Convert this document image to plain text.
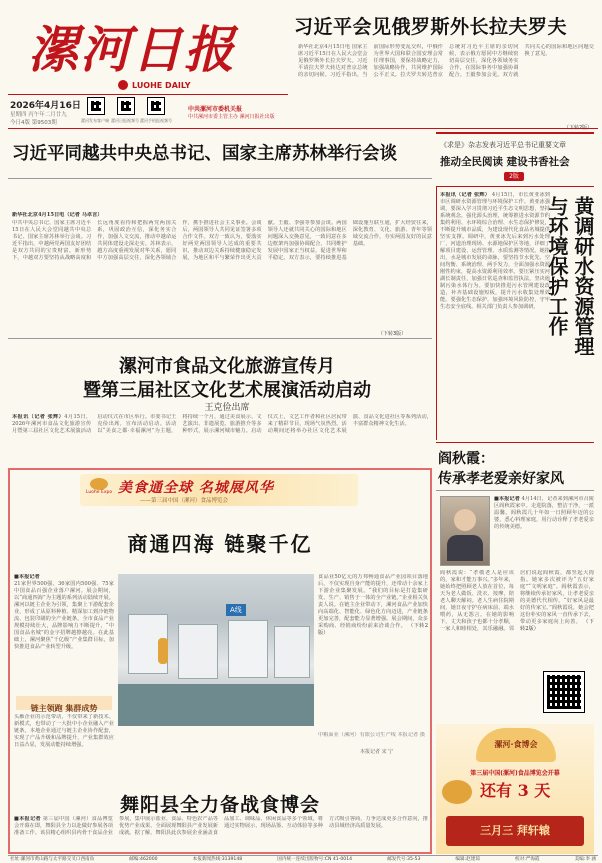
漯河日报
LUOHE DAILY
2026年4月16日
星期四 丙午年二月廿九
今日4版 第9503期	漯河发布客户端 漯河日报视频号 漯河手机报视频号
中共漯河市委机关报
中共漯河市委主管主办 漯河日报社出版
习近平会见俄罗斯外长拉夫罗夫
新华社北京4月15日电 国家主席习近平15日在人民大会堂会见俄罗斯外长拉夫罗夫。习近平请拉夫罗夫转达对普京总统的亲切问候。习近平指出，当前国际形势变乱交织，中俄作为世界大国和联合国安理会常任理事国，要保持战略定力，加强战略协作，共同维护国际公平正义。拉夫罗夫转达普京总统对习近平主席的亲切问候，表示俄方愿同中方继续密切高层交往，深化各领域务实合作，在国际事务中加强协调配合。王毅参加会见。双方就共同关心的国际和地区问题交换了意见。
习近平同越共中央总书记、国家主席苏林举行会谈	《求是》杂志发表习近平总书记重要文章
推动全民阅读 建设书香社会
2版
新华社北京4月15日电（记者 马卓言）
中共中央总书记、国家主席习近平15日在人民大会堂同越共中央总书记、国家主席苏林举行会谈。习近平指出，中越两党两国友好团结是双方共同的宝贵财富。新形势下，中越双方要坚持从战略高度和长远角度看待和把握两党两国关系，巩固政治互信，深化务实合作，加强人文交流，推动中越命运共同体建设走深走实。苏林表示，越方高度重视发展对华关系，愿同中方加强高层交往，深化各领域合作，携手推进社会主义事业。会谈后，两国领导人共同见证签署多项合作文件。双方一致认为，要落实好两党两国领导人达成的重要共识，推动双边关系持续健康稳定发展，为地区和平与繁荣作出更大贡献。王毅、李强等参加会谈。两国领导人还就共同关心的国际和地区问题深入交换意见，一致同意在多边框架内加强协调配合，共同维护发展中国家正当权益，促进世界和平稳定。双方表示，要持续推进基础设施互联互通，扩大经贸往来，深化教育、文化、旅游、青年等领域交流合作，夯实两国友好的民意基础。
（下转3版）
本报讯（记者 张辉） 4月15日，市长黄亚冰到市区调研水资源管理与环境保护工作。黄亚冰强调，要深入学习贯彻习近平生态文明思想，坚持系统观念，强化源头治理，统筹推进水资源节约集约利用、水环境综合治理、水生态保护修复，不断提升城市品质，为建设现代化食品名城提供坚实支撑。调研中，黄亚冰先后来到污水处理厂、河道治理现场、水源地保护区等地，详细了解项目建设、运营管理、水质监测等情况。她指出，水是城市发展的命脉，要坚持节水优先、空间均衡、系统治理、两手发力，全面加强水资源刚性约束，提高水资源利用效率。要压紧压实河湖长制责任，加强日常巡查和监管执法，坚决遏制污染水体行为。要加快推进污水管网建设改造，补齐基础设施短板，提升污水收集处理效能。要强化生态保护，加强环境风险防控，守牢生态安全底线。相关部门负责人参加调研。	黄调研水资源管理
与环境保护工作
漯河市食品文化旅游宣传月
暨第三届社区文化艺术展演活动启动
王克俭出席
本报讯（记者 张辉）4月15日，2026年漯河市食品文化旅游宣传月暨第三届社区文化艺术展演活动启动仪式在市区举行。市委书记王克俭出席，宣布活动启动。活动以“美食之都·幸福漯河”为主题，将持续一个月，通过美食展示、文艺演出、非遗展览、旅游推介等多种形式，展示漯河城市魅力。启动仪式上，文艺工作者和社区居民带来了精彩节目，现场气氛热烈。活动期间还将举办社区文化艺术展演、食品文化进社区等系列活动，丰富群众精神文化生活。
Luohe Expo 美食通全球 名城展风华
——第三届中国（漯河）食品博览会
商通四海 链聚千亿
■本报记者
21家世界500强、36家国内500强、75家中国食品百强企业落户漯河。展会期间，以“商通四海”为主题的系列活动陆续开展。漯河以链主企业为引领，集聚上下游配套企业，形成了从原料种植、精深加工到冷链物流、包装印刷的全产业链条。全市食品产业规模持续壮大，品牌影响力不断提升，“中国食品名城”的金字招牌越擦越亮。在此基础上，漯河聚焦“千亿级”产业集群目标，加快推进食品产业转型升级。
链主领跑 集群成势
头雁企业的示范带动，不仅带来了新技术、新模式，也带动了一大批中小企业融入产业链条。本地企业通过与链主企业协作配套，实现了产品升级和品牌提升，产业集群效应日益凸显，发展动能持续增强。
A线
食品业50亿元的万邦畅通食品产业园项目落地后，不仅实现自身产能的提升，还带动十余家上下游企业集聚发展。“我们的目标是打造集研发、生产、销售于一体的全产业链。”企业相关负责人说。在链主企业带动下，漯河食品产业加快向高端化、智能化、绿色化方向迈进，产业链条更加完善，配套能力显著增强。展会期间，众多采购商、经销商纷纷前来洽谈合作。 （下转2版）
中粮面业（漯河）有限公司生产线 本报记者 摄
本报记者 宋 宁
舞阳县全力备战食博会
■本报记者 第三届中国（漯河）食品博览会开幕在即，舞阳县全力以赴做好参展各项准备工作。该县精心组织县内骨干食品企业参展，集中展示盐业、食品、特色农产品等优势产业成果，全面展现舞阳县产业发展新成就。据了解，舞阳县此次参展企业涵盖食品加工、调味品、休闲食品等多个领域，将通过实物展示、现场品鉴、互动体验等多种方式吸引客商，力争达成更多合作意向，推动县域经济高质量发展。
阎秋霞：
传承孝老爱亲好家风
■本报记者 4月14日，记者来到漯河市召陵区阎秋霞家中。走进院落，整洁干净，一派温馨。阎秋霞几十年如一日照顾年迈的公婆，悉心料理家庭，用行动诠释了孝老爱亲的传统美德。
阎秋霞说：“孝敬老人是应该的，家和才能万事兴。”多年来，她始终把照顾老人放在首位，每天为老人做饭、洗衣、按摩，陪老人聊天解闷。老人生病住院期间，她日夜守护在病床前，端水喂药，从无怨言。在她的影响下，丈夫和孩子也都十分孝顺，一家人和睦相处，其乐融融。邻居们说起阎秋霞，都竖起大拇指。她家多次被评为“五好家庭”“文明家庭”。阎秋霞表示，将继续传承好家风，让孝老爱亲的美德代代相传。“好家风是最好的传家宝。”阎秋霞说，她会把这份朴实的家风一直传承下去，带动更多家庭向上向善。 （下转2版）
漯河·食博会
第三届中国(漯河)食品博览会开幕
还有 3 天
三月三 拜轩辕
社址:漯河市黄山路与太平路交叉口西南角	邮编:462000	本报新闻热线:3139148	国内统一连续出版物号:CN 41-0014	邮发代号:35-53	编辑:赵建琼	校对:严海霞	美编:李 涵
